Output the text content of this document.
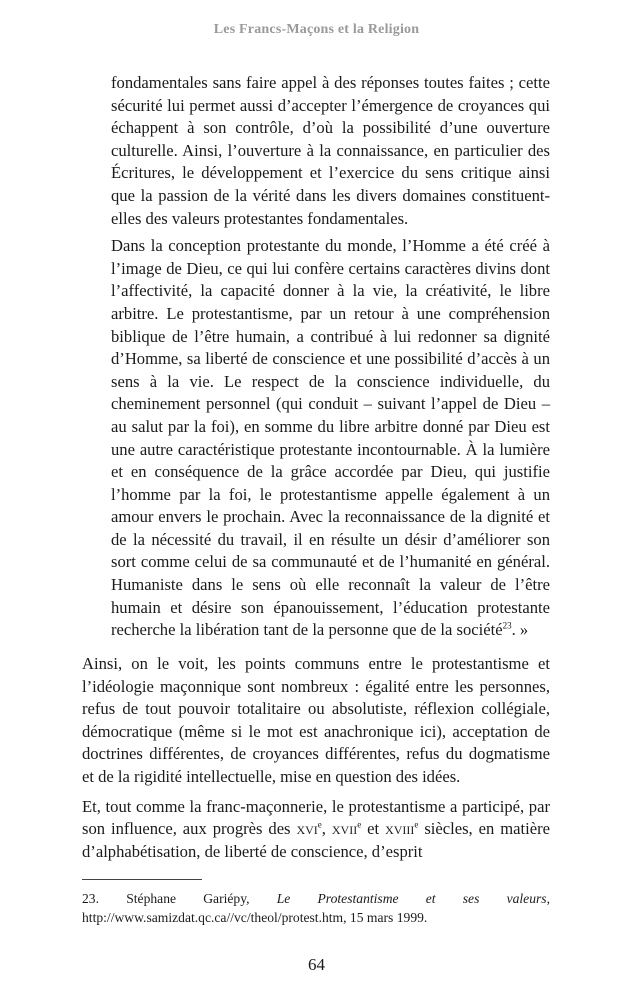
Les Francs-Maçons et la Religion

fondamentales sans faire appel à des réponses toutes faites ; cette sécurité lui permet aussi d’accepter l’émergence de croyances qui échappent à son contrôle, d’où la possibilité d’une ouverture culturelle. Ainsi, l’ouverture à la connaissance, en particulier des Écritures, le développement et l’exercice du sens critique ainsi que la passion de la vérité dans les divers domaines constituent-elles des valeurs protestantes fondamentales.

Dans la conception protestante du monde, l’Homme a été créé à l’image de Dieu, ce qui lui confère certains caractères divins dont l’affectivité, la capacité donner à la vie, la créativité, le libre arbitre. Le protestantisme, par un retour à une compréhension biblique de l’être humain, a contribué à lui redonner sa dignité d’Homme, sa liberté de conscience et une possibilité d’accès à un sens à la vie. Le respect de la conscience individuelle, du cheminement personnel (qui conduit – suivant l’appel de Dieu – au salut par la foi), en somme du libre arbitre donné par Dieu est une autre caractéristique protestante incontournable. À la lumière et en conséquence de la grâce accordée par Dieu, qui justifie l’homme par la foi, le protestantisme appelle également à un amour envers le prochain. Avec la reconnaissance de la dignité et de la nécessité du travail, il en résulte un désir d’améliorer son sort comme celui de sa communauté et de l’humanité en général. Humaniste dans le sens où elle reconnaît la valeur de l’être humain et désire son épanouissement, l’éducation protestante recherche la libération tant de la personne que de la société$^{23}$. »

Ainsi, on le voit, les points communs entre le protestantisme et l’idéologie maçonnique sont nombreux : égalité entre les personnes, refus de tout pouvoir totalitaire ou absolutiste, réflexion collégiale, démocratique (même si le mot est anachronique ici), acceptation de doctrines différentes, de croyances différentes, refus du dogmatisme et de la rigidité intellectuelle, mise en question des idées.

Et, tout comme la franc-maçonnerie, le protestantisme a participé, par son influence, aux progrès des xvi$^e$, xvii$^e$ et xviii$^e$ siècles, en matière d’alphabétisation, de liberté de conscience, d’esprit

23. Stéphane Gariépy, Le Protestantisme et ses valeurs, http://www.samizdat.qc.ca//vc/theol/protest.htm, 15 mars 1999.
64
